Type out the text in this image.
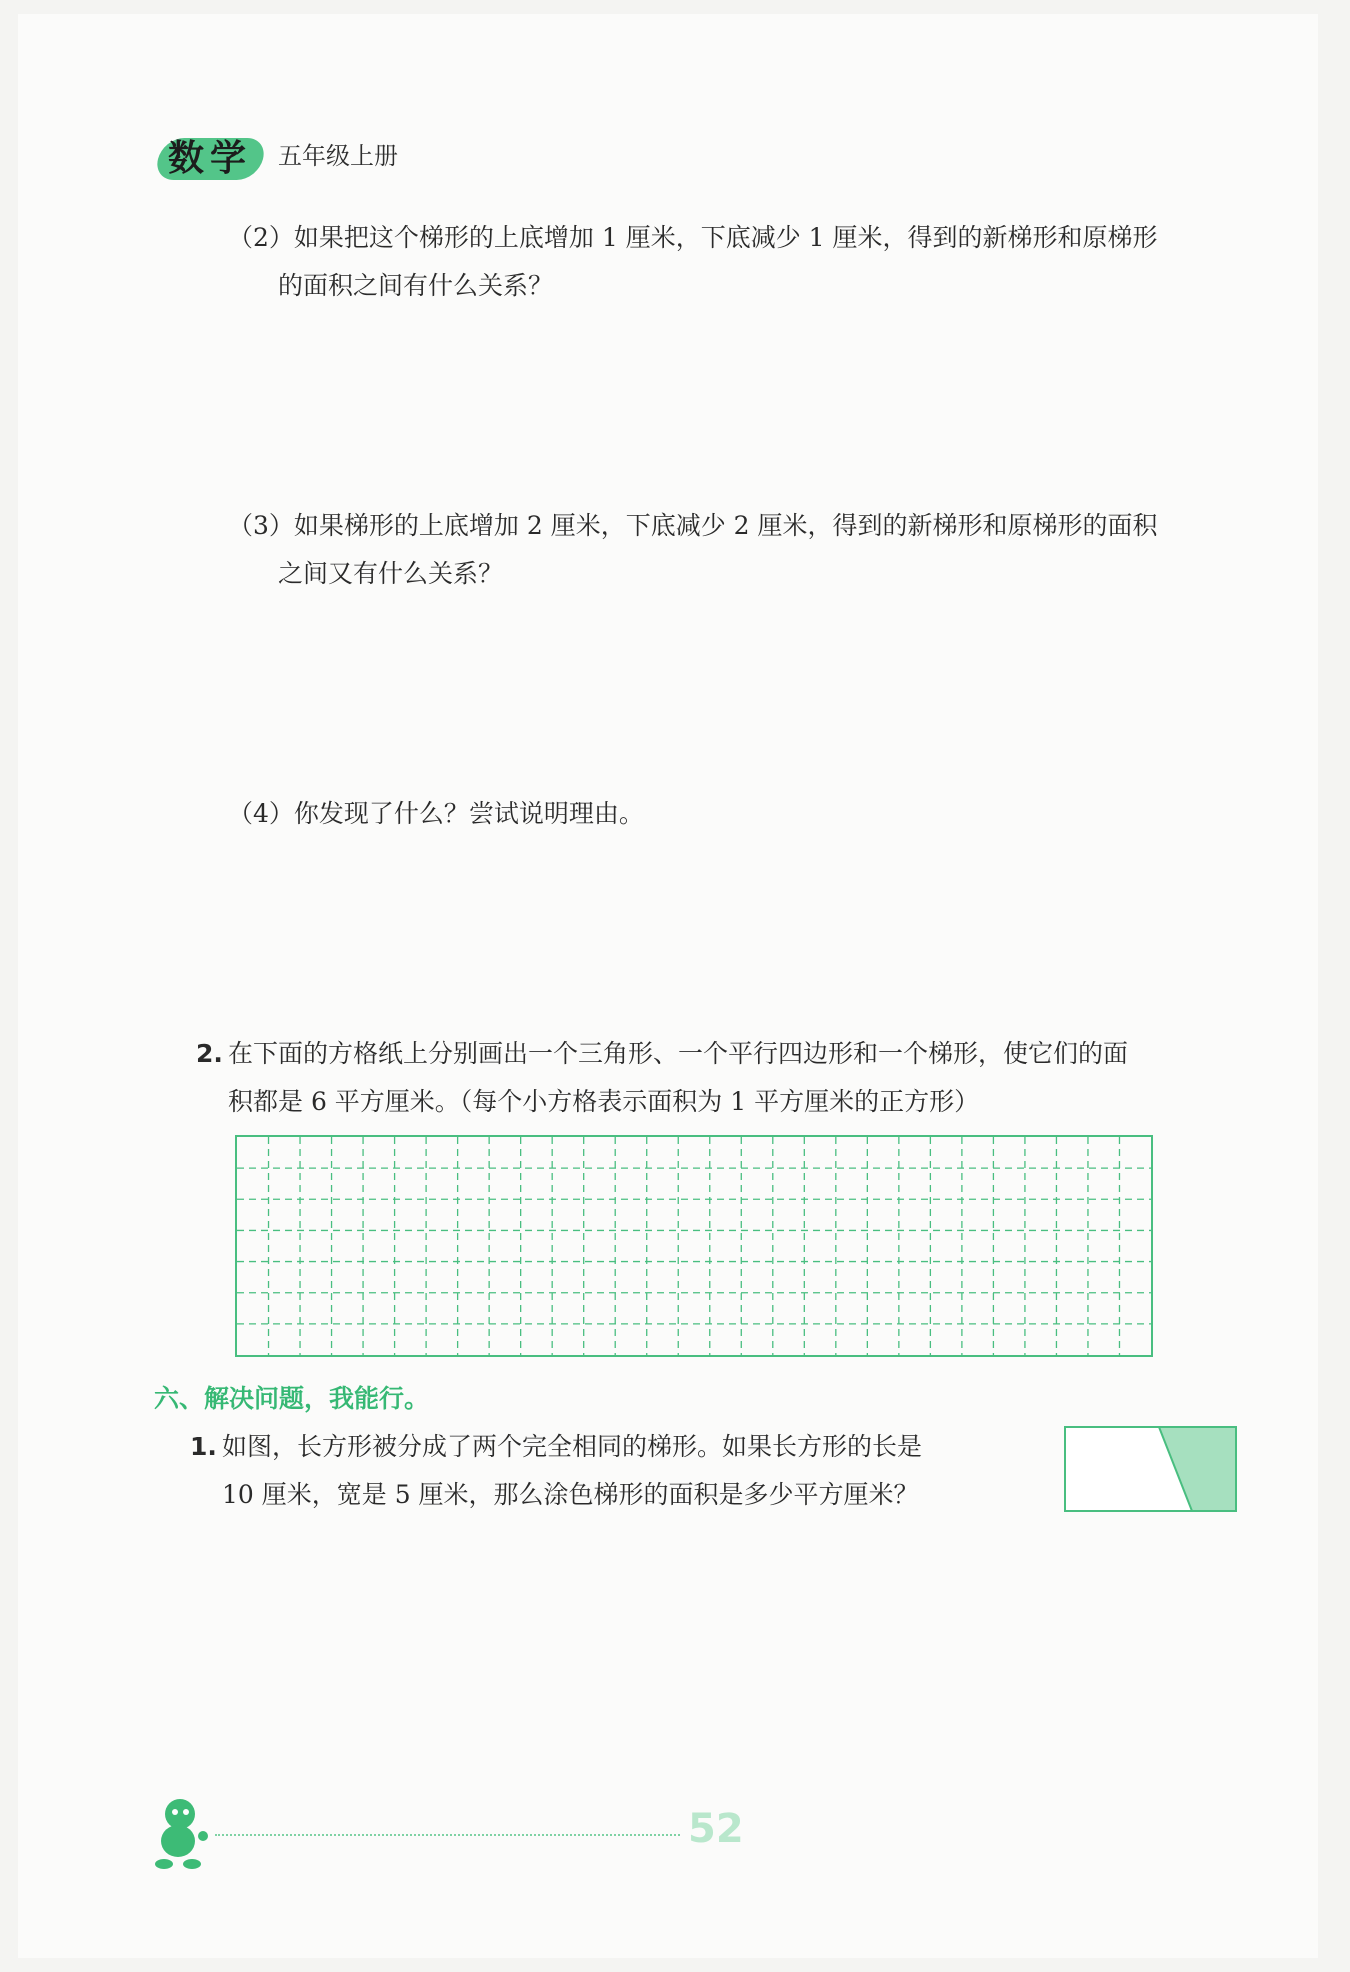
数学 五年级上册
（2）如果把这个梯形的上底增加 1 厘米，下底减少 1 厘米，得到的新梯形和原梯形
的面积之间有什么关系？
（3）如果梯形的上底增加 2 厘米，下底减少 2 厘米，得到的新梯形和原梯形的面积
之间又有什么关系？
（4）你发现了什么？尝试说明理由。
2. 在下面的方格纸上分别画出一个三角形、一个平行四边形和一个梯形，使它们的面
积都是 6 平方厘米。（每个小方格表示面积为 1 平方厘米的正方形）
六、解决问题，我能行。
1. 如图，长方形被分成了两个完全相同的梯形。如果长方形的长是
10 厘米，宽是 5 厘米，那么涂色梯形的面积是多少平方厘米？
52
